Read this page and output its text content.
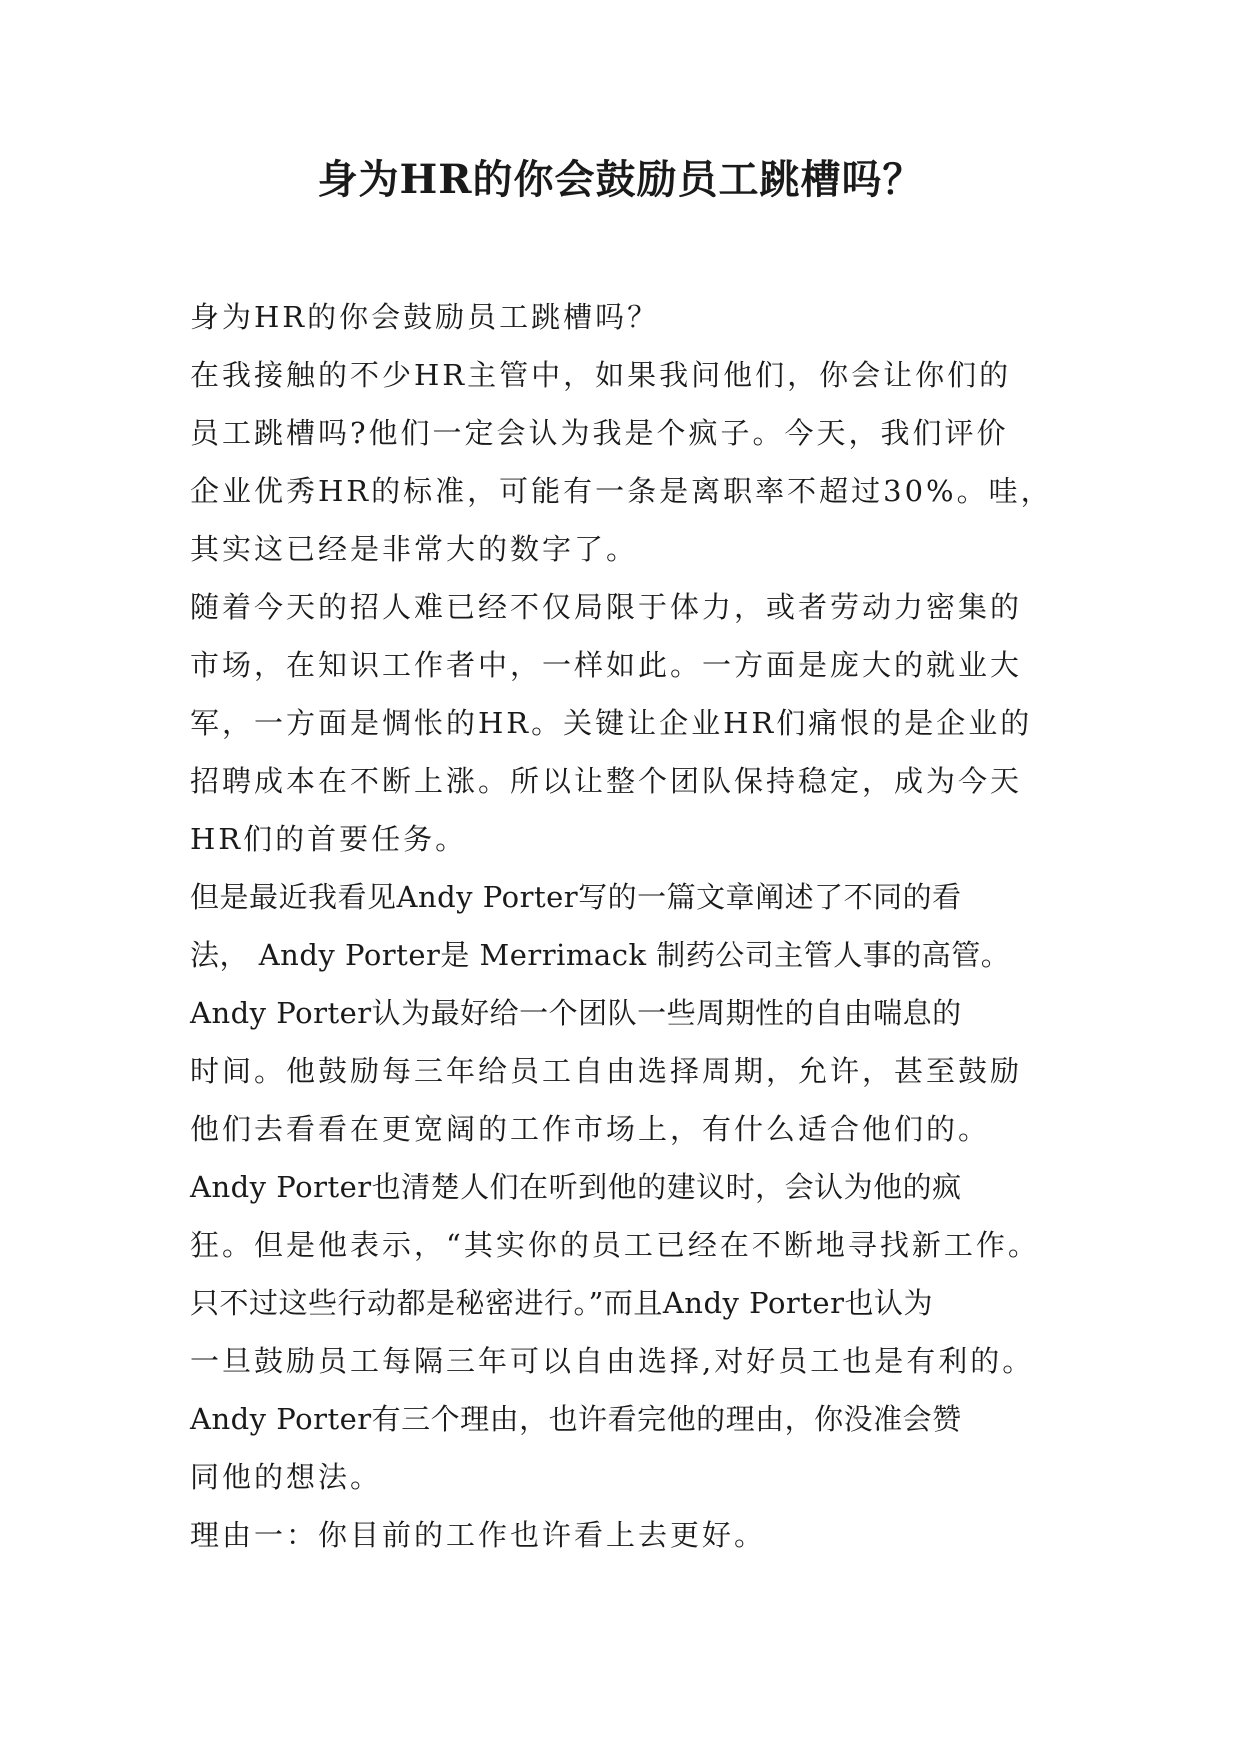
身为HR的你会鼓励员工跳槽吗？
身为HR的你会鼓励员工跳槽吗？
在我接触的不少HR主管中，如果我问他们，你会让你们的
员工跳槽吗?他们一定会认为我是个疯子。今天，我们评价
企业优秀HR的标准，可能有一条是离职率不超过30%。哇，
其实这已经是非常大的数字了。
随着今天的招人难已经不仅局限于体力，或者劳动力密集的
市场，在知识工作者中，一样如此。一方面是庞大的就业大
军，一方面是惆怅的HR。关键让企业HR们痛恨的是企业的
招聘成本在不断上涨。所以让整个团队保持稳定，成为今天
HR们的首要任务。
但是最近我看见Andy Porter写的一篇文章阐述了不同的看
法， Andy Porter是 Merrimack 制药公司主管人事的高管。
Andy Porter认为最好给一个团队一些周期性的自由喘息的
时间。他鼓励每三年给员工自由选择周期，允许，甚至鼓励
他们去看看在更宽阔的工作市场上，有什么适合他们的。
Andy Porter也清楚人们在听到他的建议时，会认为他的疯
狂。但是他表示，“其实你的员工已经在不断地寻找新工作。
只不过这些行动都是秘密进行。”而且Andy Porter也认为
一旦鼓励员工每隔三年可以自由选择,对好员工也是有利的。
Andy Porter有三个理由，也许看完他的理由，你没准会赞
同他的想法。
理由一：你目前的工作也许看上去更好。
